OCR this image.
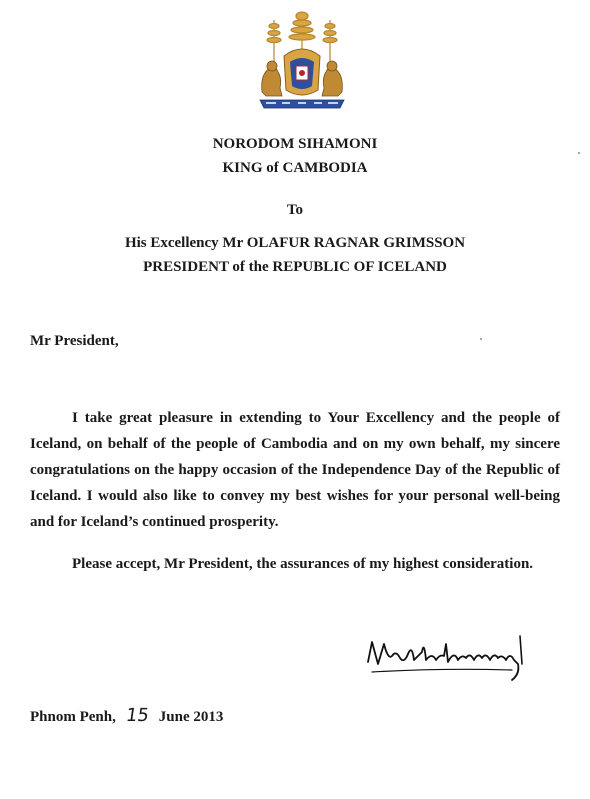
NORODOM SIHAMONI
KING of CAMBODIA
To
His Excellency Mr OLAFUR RAGNAR GRIMSSON
PRESIDENT of the REPUBLIC OF ICELAND
Mr President,

I take great pleasure in extending to Your Excellency and the people of Iceland, on behalf of the people of Cambodia and on my own behalf, my sincere congratulations on the happy occasion of the Independence Day of the Republic of Iceland. I would also like to convey my best wishes for your personal well-being and for Iceland’s continued prosperity.

Please accept, Mr President, the assurances of my highest consideration.

Phnom Penh, 15 June 2013
